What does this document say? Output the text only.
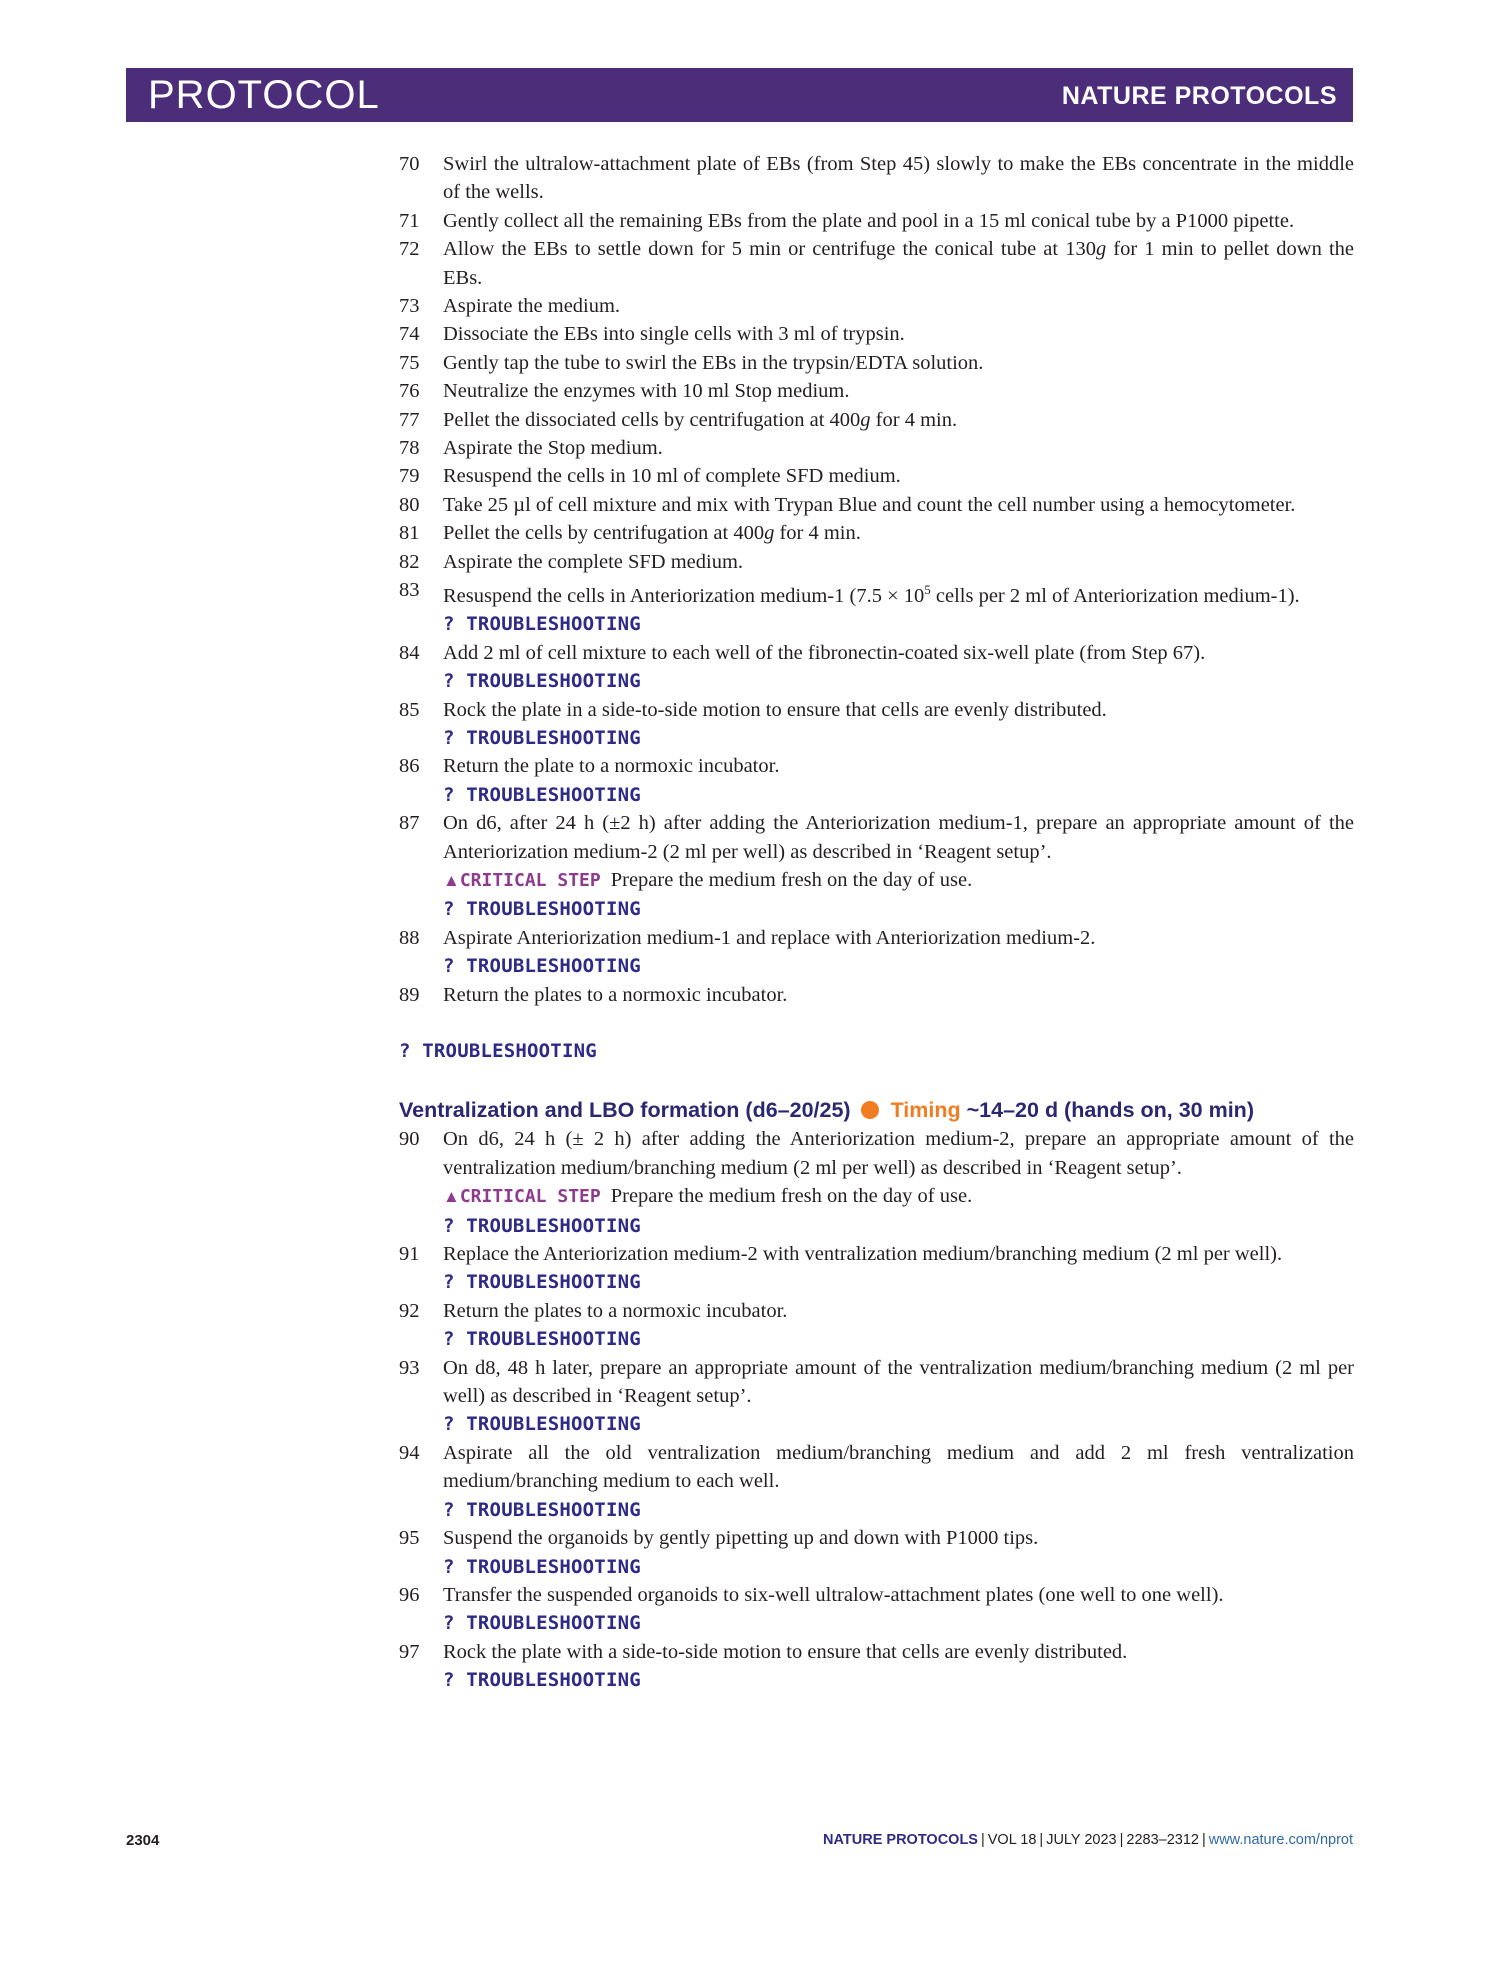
PROTOCOL	NATURE PROTOCOLS
70	Swirl the ultralow-attachment plate of EBs (from Step 45) slowly to make the EBs concentrate in the middle of the wells.
71	Gently collect all the remaining EBs from the plate and pool in a 15 ml conical tube by a P1000 pipette.
72	Allow the EBs to settle down for 5 min or centrifuge the conical tube at 130g for 1 min to pellet down the EBs.
73	Aspirate the medium.
74	Dissociate the EBs into single cells with 3 ml of trypsin.
75	Gently tap the tube to swirl the EBs in the trypsin/EDTA solution.
76	Neutralize the enzymes with 10 ml Stop medium.
77	Pellet the dissociated cells by centrifugation at 400g for 4 min.
78	Aspirate the Stop medium.
79	Resuspend the cells in 10 ml of complete SFD medium.
80	Take 25 µl of cell mixture and mix with Trypan Blue and count the cell number using a hemocytometer.
81	Pellet the cells by centrifugation at 400g for 4 min.
82	Aspirate the complete SFD medium.
83	Resuspend the cells in Anteriorization medium-1 ($7.5 \times 10^5$ cells per 2 ml of Anteriorization medium-1).
? TROUBLESHOOTING
84	Add 2 ml of cell mixture to each well of the fibronectin-coated six-well plate (from Step 67).
? TROUBLESHOOTING
85	Rock the plate in a side-to-side motion to ensure that cells are evenly distributed.
? TROUBLESHOOTING
86	Return the plate to a normoxic incubator.
? TROUBLESHOOTING
87	On d6, after 24 h (±2 h) after adding the Anteriorization medium-1, prepare an appropriate amount of the Anteriorization medium-2 (2 ml per well) as described in ‘Reagent setup’.
▲CRITICAL STEP Prepare the medium fresh on the day of use.
? TROUBLESHOOTING
88	Aspirate Anteriorization medium-1 and replace with Anteriorization medium-2.
? TROUBLESHOOTING
89	Return the plates to a normoxic incubator.
? TROUBLESHOOTING
Ventralization and LBO formation (d6–20/25) Timing ~14–20 d (hands on, 30 min)
90	On d6, 24 h (± 2 h) after adding the Anteriorization medium-2, prepare an appropriate amount of the ventralization medium/branching medium (2 ml per well) as described in ‘Reagent setup’.
▲CRITICAL STEP Prepare the medium fresh on the day of use.
? TROUBLESHOOTING
91	Replace the Anteriorization medium-2 with ventralization medium/branching medium (2 ml per well).
? TROUBLESHOOTING
92	Return the plates to a normoxic incubator.
? TROUBLESHOOTING
93	On d8, 48 h later, prepare an appropriate amount of the ventralization medium/branching medium (2 ml per well) as described in ‘Reagent setup’.
? TROUBLESHOOTING
94	Aspirate all the old ventralization medium/branching medium and add 2 ml fresh ventralization medium/branching medium to each well.
? TROUBLESHOOTING
95	Suspend the organoids by gently pipetting up and down with P1000 tips.
? TROUBLESHOOTING
96	Transfer the suspended organoids to six-well ultralow-attachment plates (one well to one well).
? TROUBLESHOOTING
97	Rock the plate with a side-to-side motion to ensure that cells are evenly distributed.
? TROUBLESHOOTING
2304	NATURE PROTOCOLS | VOL 18 | JULY 2023 | 2283–2312 | www.nature.com/nprot
